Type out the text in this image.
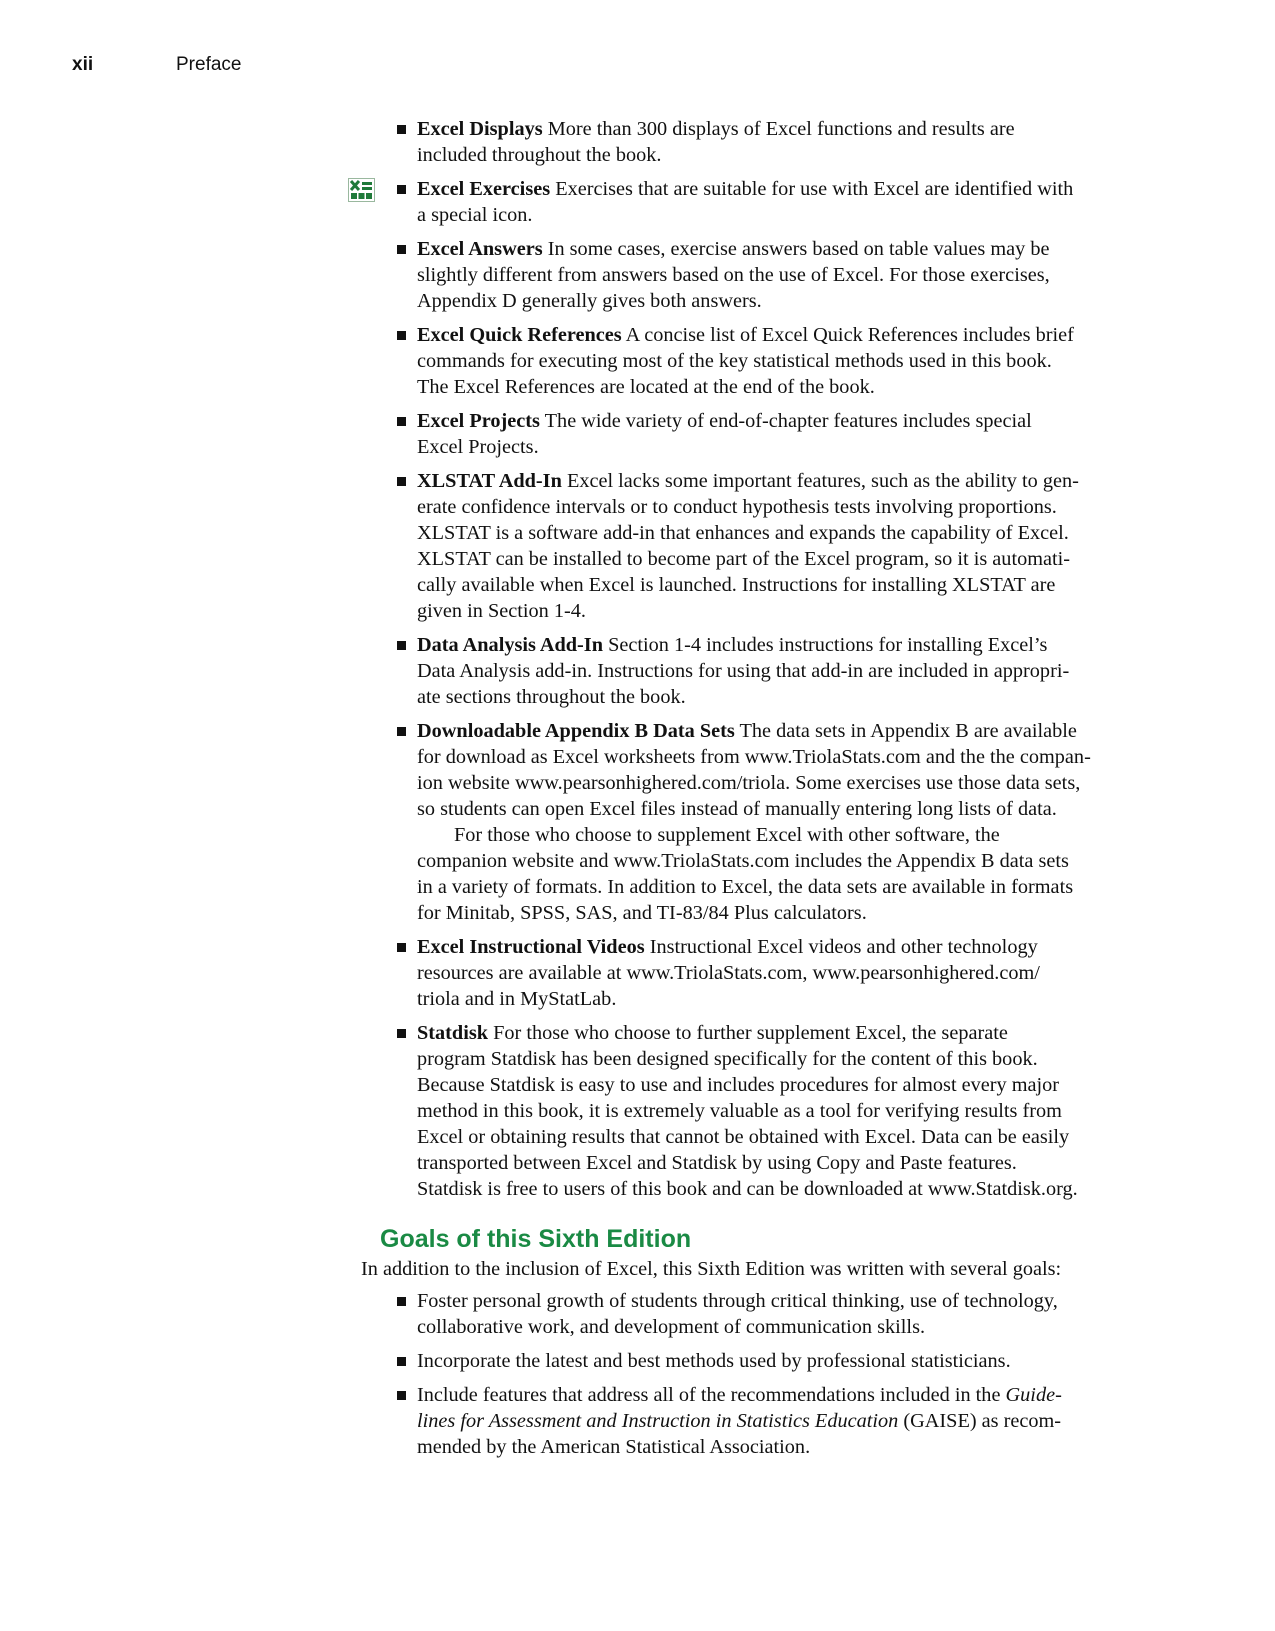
xii	Preface
Excel Displays More than 300 displays of Excel functions and results are
included throughout the book.
Excel Exercises Exercises that are suitable for use with Excel are identified with
a special icon.
Excel Answers In some cases, exercise answers based on table values may be
slightly different from answers based on the use of Excel. For those exercises,
Appendix D generally gives both answers.
Excel Quick References A concise list of Excel Quick References includes brief
commands for executing most of the key statistical methods used in this book.
The Excel References are located at the end of the book.
Excel Projects The wide variety of end-of-chapter features includes special
Excel Projects.
XLSTAT Add-In Excel lacks some important features, such as the ability to gen-
erate confidence intervals or to conduct hypothesis tests involving proportions.
XLSTAT is a software add-in that enhances and expands the capability of Excel.
XLSTAT can be installed to become part of the Excel program, so it is automati-
cally available when Excel is launched. Instructions for installing XLSTAT are
given in Section 1-4.
Data Analysis Add-In Section 1-4 includes instructions for installing Excel’s
Data Analysis add-in. Instructions for using that add-in are included in appropri-
ate sections throughout the book.
Downloadable Appendix B Data Sets The data sets in Appendix B are available
for download as Excel worksheets from www.TriolaStats.com and the the compan-
ion website www.pearsonhighered.com/triola. Some exercises use those data sets,
so students can open Excel files instead of manually entering long lists of data.
For those who choose to supplement Excel with other software, the
companion website and www.TriolaStats.com includes the Appendix B data sets
in a variety of formats. In addition to Excel, the data sets are available in formats
for Minitab, SPSS, SAS, and TI-83/84 Plus calculators.
Excel Instructional Videos Instructional Excel videos and other technology
resources are available at www.TriolaStats.com, www.pearsonhighered.com/
triola and in MyStatLab.
Statdisk For those who choose to further supplement Excel, the separate
program Statdisk has been designed specifically for the content of this book.
Because Statdisk is easy to use and includes procedures for almost every major
method in this book, it is extremely valuable as a tool for verifying results from
Excel or obtaining results that cannot be obtained with Excel. Data can be easily
transported between Excel and Statdisk by using Copy and Paste features.
Statdisk is free to users of this book and can be downloaded at www.Statdisk.org.
Goals of this Sixth Edition
In addition to the inclusion of Excel, this Sixth Edition was written with several goals:
Foster personal growth of students through critical thinking, use of technology,
collaborative work, and development of communication skills.
Incorporate the latest and best methods used by professional statisticians.
Include features that address all of the recommendations included in the Guide-
lines for Assessment and Instruction in Statistics Education (GAISE) as recom-
mended by the American Statistical Association.
